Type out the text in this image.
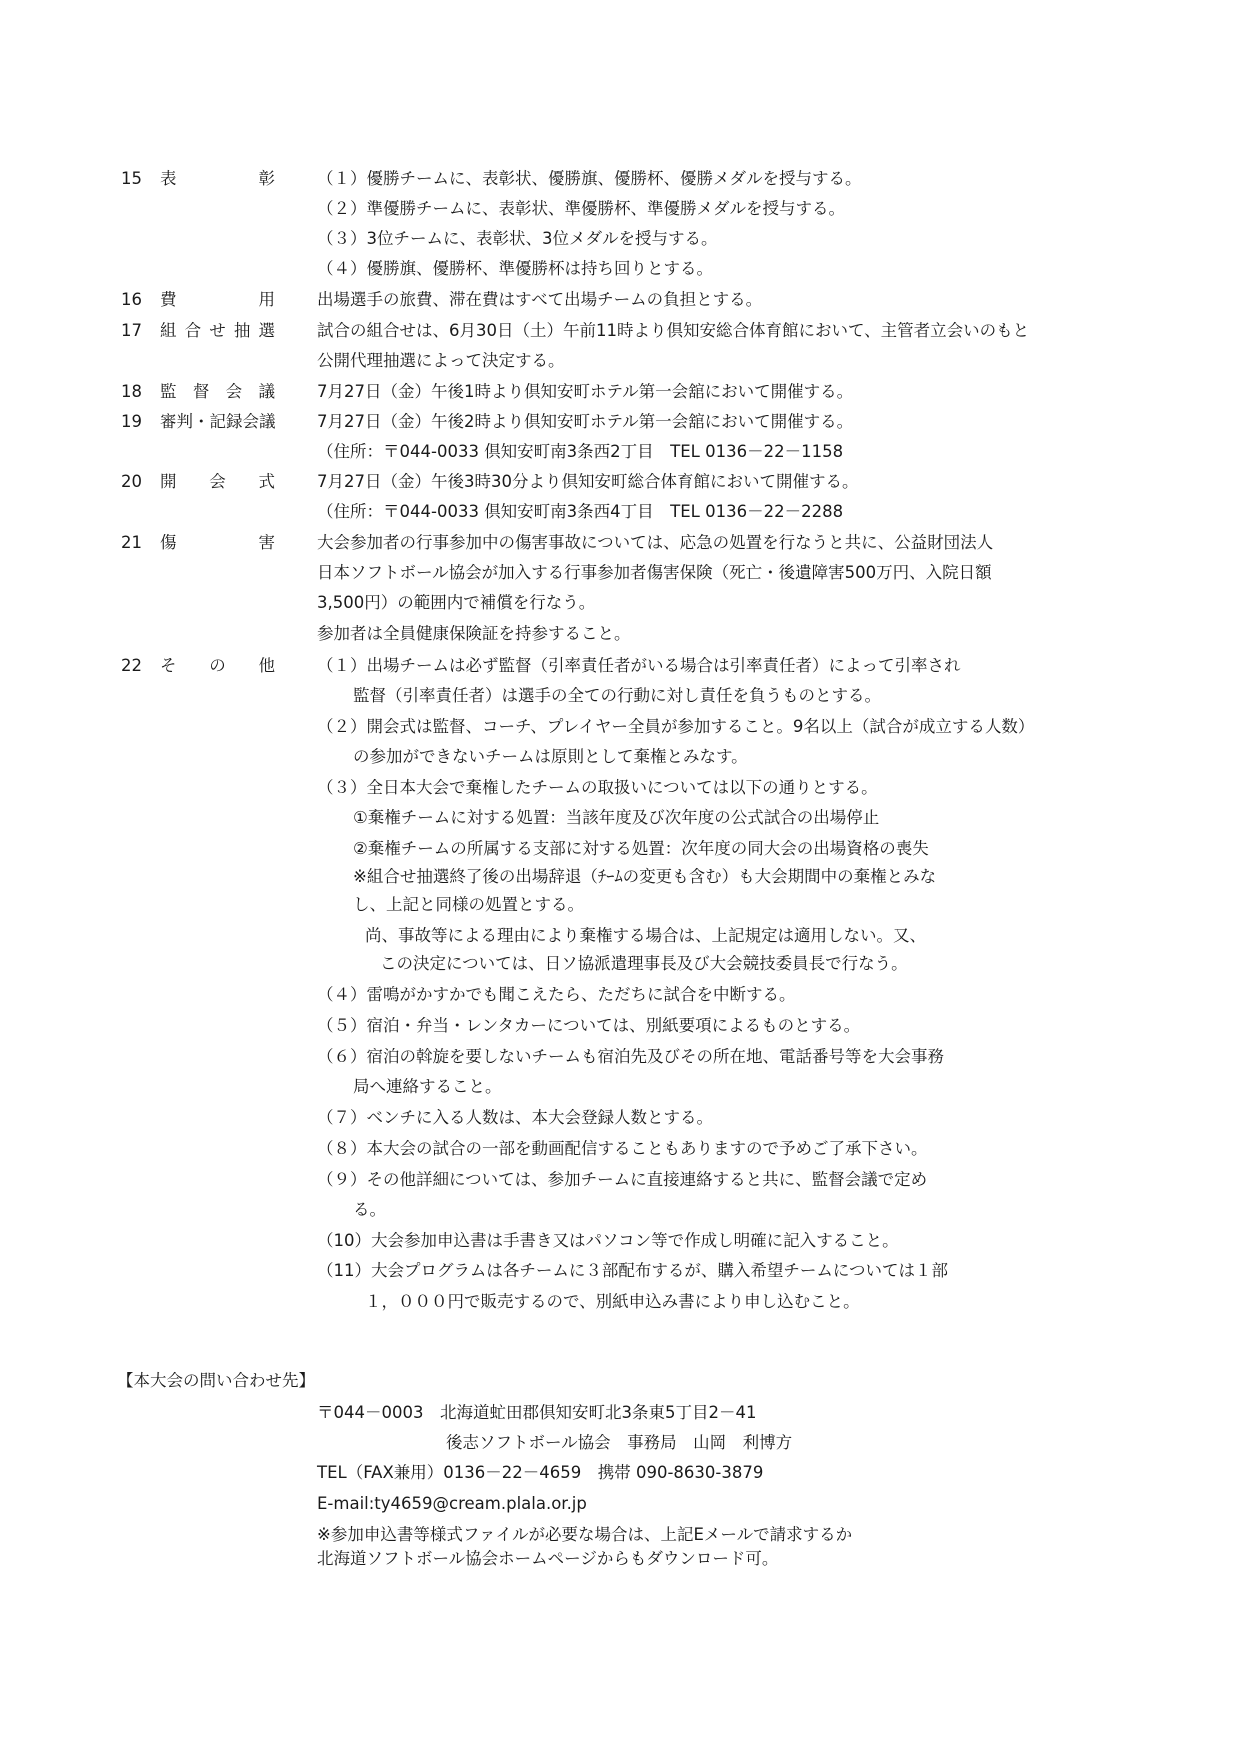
15	表彰	（１）優勝チームに、表彰状、優勝旗、優勝杯、優勝メダルを授与する。
（２）準優勝チームに、表彰状、準優勝杯、準優勝メダルを授与する。
（３）3位チームに、表彰状、3位メダルを授与する。
（４）優勝旗、優勝杯、準優勝杯は持ち回りとする。
16	費用	出場選手の旅費、滞在費はすべて出場チームの負担とする。
17	組合せ抽選	試合の組合せは、6月30日（土）午前11時より倶知安総合体育館において、主管者立会いのもと
公開代理抽選によって決定する。
18	監督会議	7月27日（金）午後1時より倶知安町ホテル第一会舘において開催する。
19	審判・記録会議	7月27日（金）午後2時より倶知安町ホテル第一会舘において開催する。
（住所：〒044-0033 倶知安町南3条西2丁目　TEL 0136－22－1158
20	開会式	7月27日（金）午後3時30分より倶知安町総合体育館において開催する。
（住所：〒044-0033 倶知安町南3条西4丁目　TEL 0136－22－2288
21	傷害	大会参加者の行事参加中の傷害事故については、応急の処置を行なうと共に、公益財団法人
日本ソフトボール協会が加入する行事参加者傷害保険（死亡・後遺障害500万円、入院日額
3,500円）の範囲内で補償を行なう。
参加者は全員健康保険証を持参すること。
22	その他	（１）出場チームは必ず監督（引率責任者がいる場合は引率責任者）によって引率され
監督（引率責任者）は選手の全ての行動に対し責任を負うものとする。
（２）開会式は監督、コーチ、プレイヤー全員が参加すること。9名以上（試合が成立する人数）
の参加ができないチームは原則として棄権とみなす。
（３）全日本大会で棄権したチームの取扱いについては以下の通りとする。
①棄権チームに対する処置：当該年度及び次年度の公式試合の出場停止
②棄権チームの所属する支部に対する処置：次年度の同大会の出場資格の喪失
※組合せ抽選終了後の出場辞退（ﾁｰﾑの変更も含む）も大会期間中の棄権とみな
し、上記と同様の処置とする。
尚、事故等による理由により棄権する場合は、上記規定は適用しない。又、
この決定については、日ソ協派遣理事長及び大会競技委員長で行なう。
（４）雷鳴がかすかでも聞こえたら、ただちに試合を中断する。
（５）宿泊・弁当・レンタカーについては、別紙要項によるものとする。
（６）宿泊の斡旋を要しないチームも宿泊先及びその所在地、電話番号等を大会事務
局へ連絡すること。
（７）ベンチに入る人数は、本大会登録人数とする。
（８）本大会の試合の一部を動画配信することもありますので予めご了承下さい。
（９）その他詳細については、参加チームに直接連絡すると共に、監督会議で定め
る。
（10）大会参加申込書は手書き又はパソコン等で作成し明確に記入すること。
（11）大会プログラムは各チームに３部配布するが、購入希望チームについては１部
１，０００円で販売するので、別紙申込み書により申し込むこと。
【本大会の問い合わせ先】
〒044－0003　北海道虻田郡倶知安町北3条東5丁目2－41
後志ソフトボール協会　事務局　山岡　利博方
TEL（FAX兼用）0136－22－4659　携帯 090-8630-3879
E-mail:ty4659@cream.plala.or.jp
※参加申込書等様式ファイルが必要な場合は、上記Eメールで請求するか
北海道ソフトボール協会ホームページからもダウンロード可。
